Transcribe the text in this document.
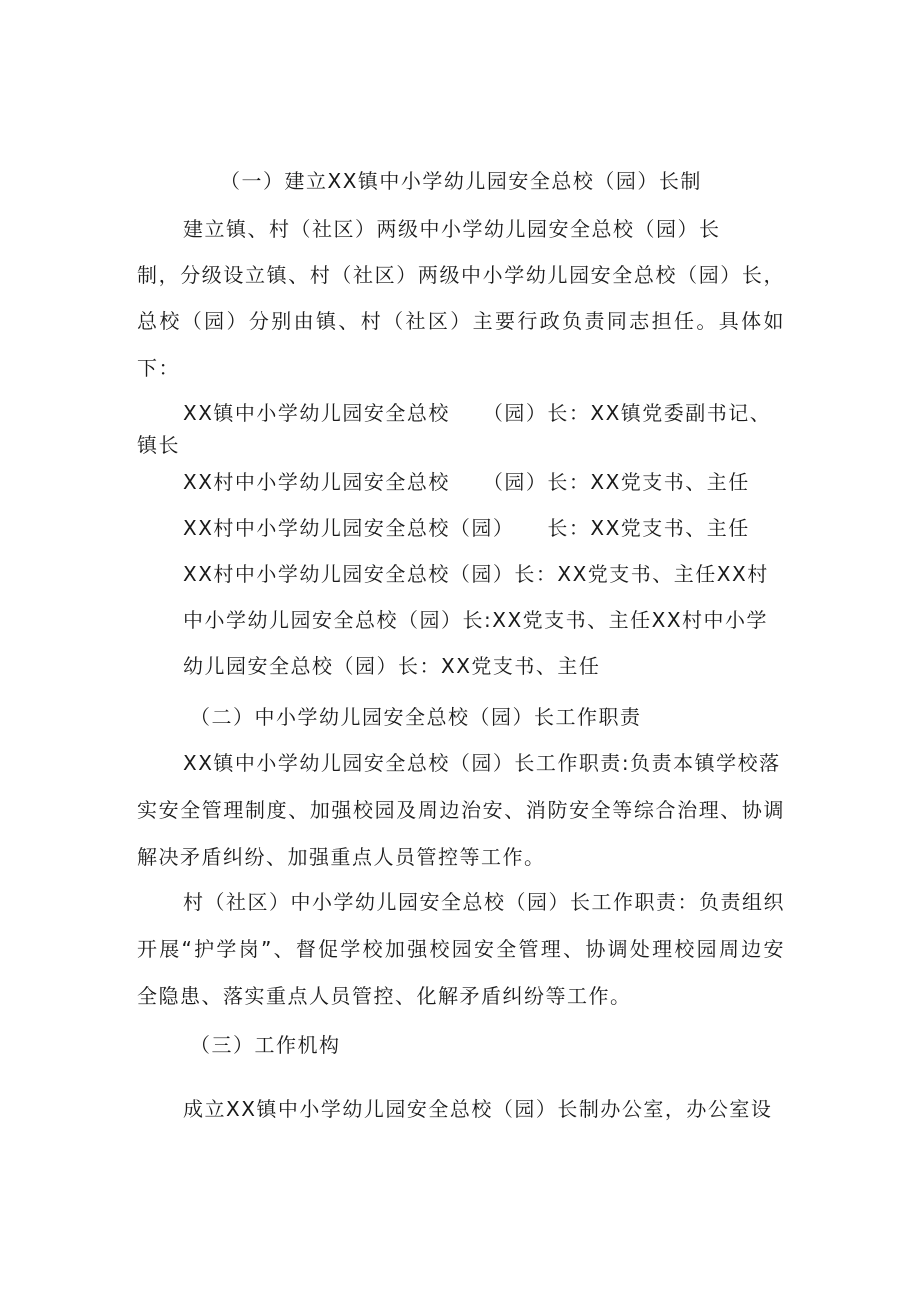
（一）建立XX镇中小学幼儿园安全总校（园）长制
建立镇、村（社区）两级中小学幼儿园安全总校（园）长
制，分级设立镇、村（社区）两级中小学幼儿园安全总校（园）长，
总校（园）分别由镇、村（社区）主要行政负责同志担任。具体如
下：
XX镇中小学幼儿园安全总校　　（园）长：XX镇党委副书记、
镇长
XX村中小学幼儿园安全总校　　（园）长：XX党支书、主任
XX村中小学幼儿园安全总校（园）　　长：XX党支书、主任
XX村中小学幼儿园安全总校（园）长：XX党支书、主任XX村
中小学幼儿园安全总校（园）长:XX党支书、主任XX村中小学
幼儿园安全总校（园）长：XX党支书、主任
（二）中小学幼儿园安全总校（园）长工作职责
XX镇中小学幼儿园安全总校（园）长工作职责:负责本镇学校落
实安全管理制度、加强校园及周边治安、消防安全等综合治理、协调
解决矛盾纠纷、加强重点人员管控等工作。
村（社区）中小学幼儿园安全总校（园）长工作职责：负责组织
开展“护学岗”、督促学校加强校园安全管理、协调处理校园周边安
全隐患、落实重点人员管控、化解矛盾纠纷等工作。
（三）工作机构
成立XX镇中小学幼儿园安全总校（园）长制办公室，办公室设
